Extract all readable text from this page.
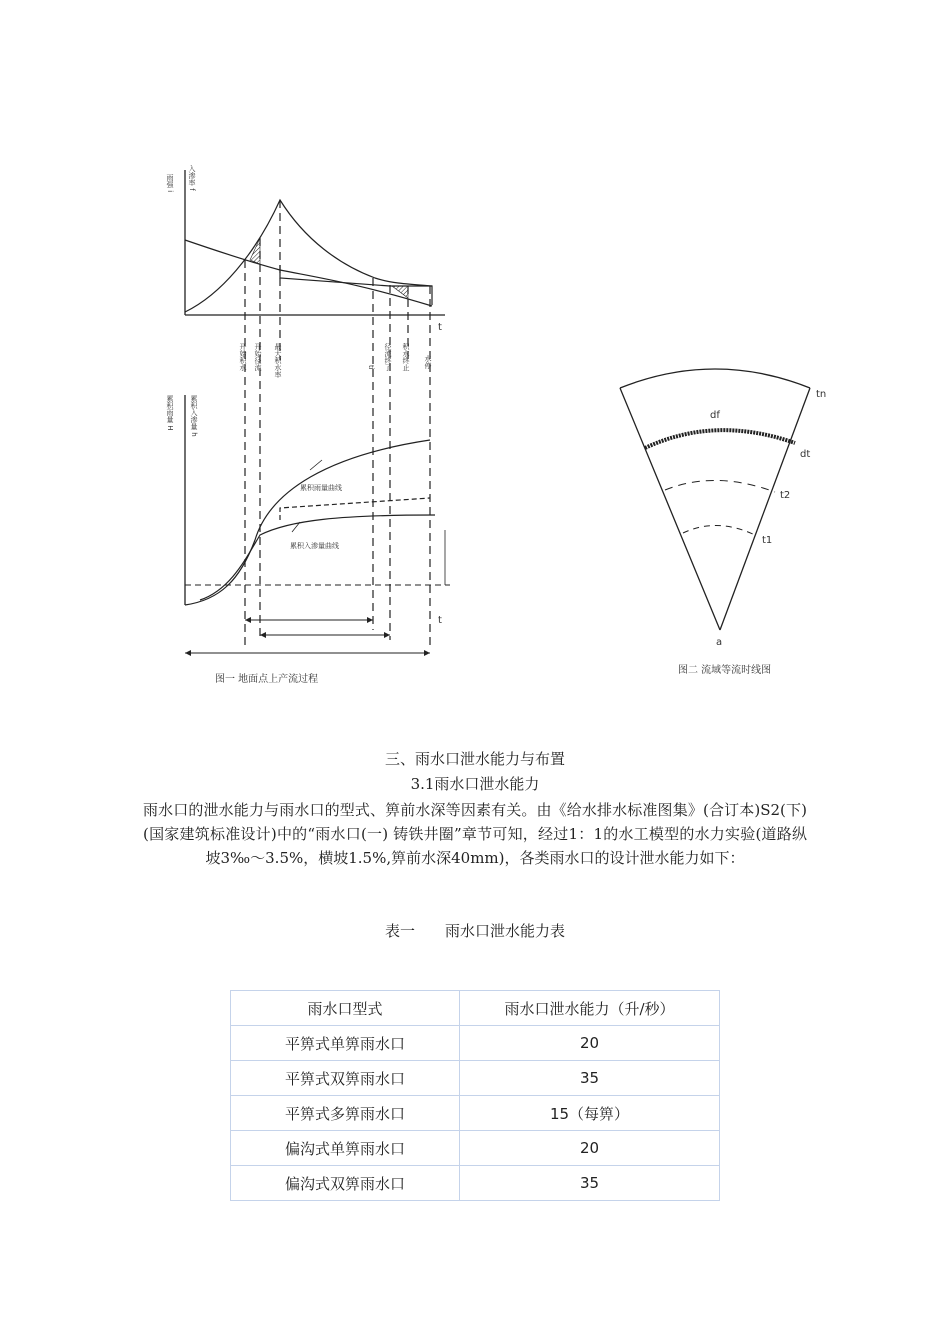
t
雨强 i 入渗率 f
开始积水 开始径流 最大积水率	ti 径流终了 积水终止 水停
累积雨量 H 累积入渗量 h
t
累积雨量曲线
累积入渗量曲线
图一 地面点上产流过程
tn
df
dt
t2
t1
a
图二 流域等流时线图
三、雨水口泄水能力与布置
3.1雨水口泄水能力
雨水口的泄水能力与雨水口的型式、箅前水深等因素有关。由《给水排水标准图集》(合订本)S2(下)(国家建筑标准设计)中的“雨水口(一) 铸铁井圈”章节可知，经过1：1的水工模型的水力实验(道路纵坡3‰～3.5%，横坡1.5%,箅前水深40mm)，各类雨水口的设计泄水能力如下：
表一　　雨水口泄水能力表
雨水口型式	雨水口泄水能力（升/秒）
平箅式单箅雨水口	20
平箅式双箅雨水口	35
平箅式多箅雨水口	15（每箅）
偏沟式单箅雨水口	20
偏沟式双箅雨水口	35
